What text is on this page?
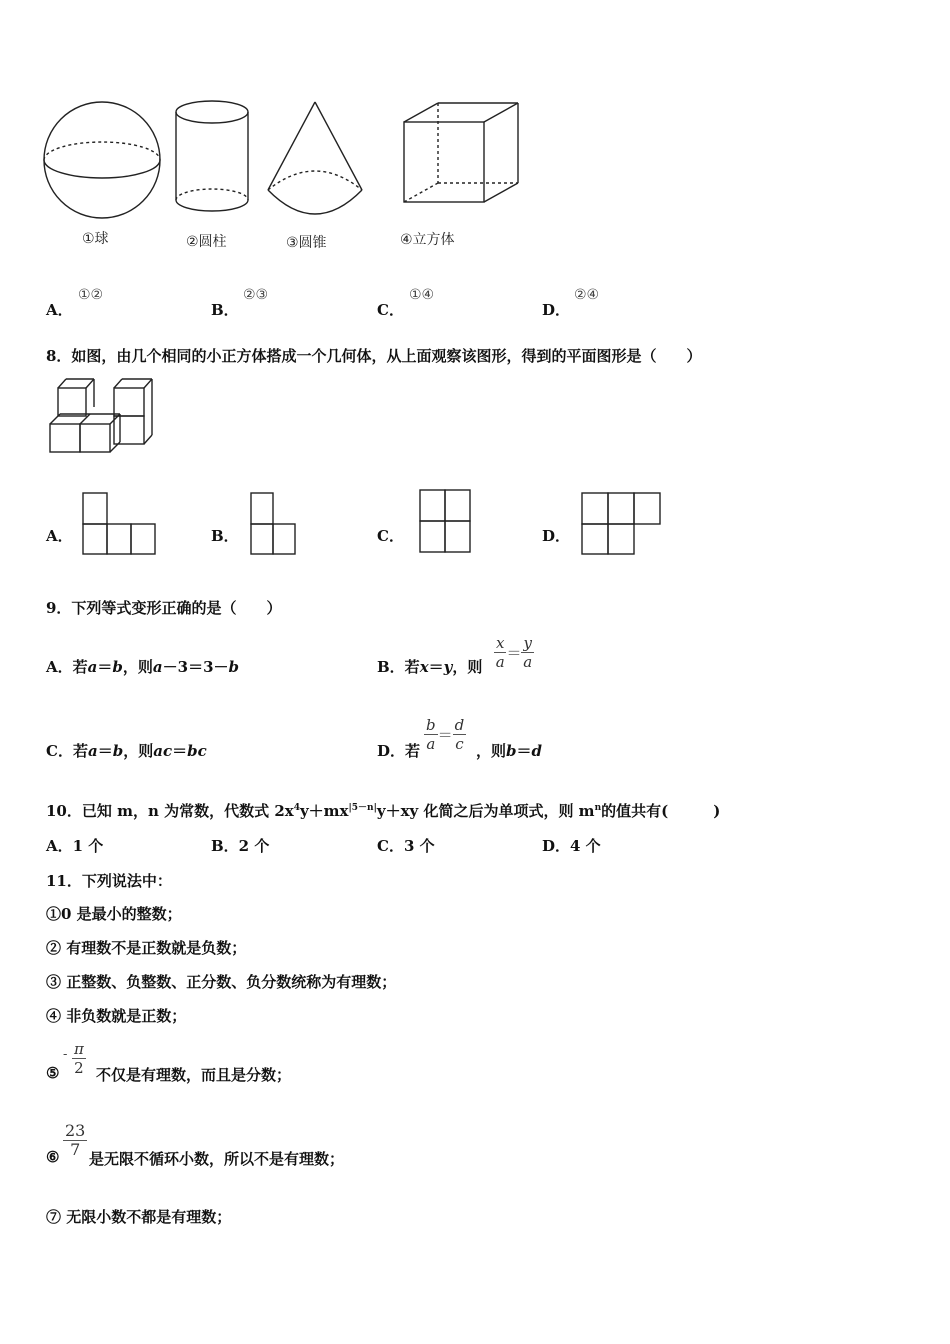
①球	②圆柱	③圆锥	④立方体
A．
①②
B．
②③
C．
①④
D．
②④
8．如图，由几个相同的小正方体搭成一个几何体，从上面观察该图形，得到的平面图形是（　　）
A．	B．	C．	D．
9．下列等式变形正确的是（　　）
A．若a＝b，则a－3＝3－b	B．若x＝y，则 $\frac{x}{a} = \frac{y}{a}$
C．若a＝b，则ac＝bc	D．若 $\frac{b}{a} = \frac{d}{c}$ ，则b＝d
10．已知 m，n 为常数，代数式 $2x^4y+mx^{|5-n|}y+xy$ 化简之后为单项式，则 $m^n$的值共有(　　　)
A．1 个	B．2 个	C．3 个	D．4 个
11．下列说法中：
①0 是最小的整数；
② 有理数不是正数就是负数；
③ 正整数、负整数、正分数、负分数统称为有理数；
④ 非负数就是正数；
⑤
- $\frac{\pi}{2}$ 不仅是有理数，而且是分数；
⑥ $\frac{23}{7}$ 是无限不循环小数，所以不是有理数；
⑦ 无限小数不都是有理数；
